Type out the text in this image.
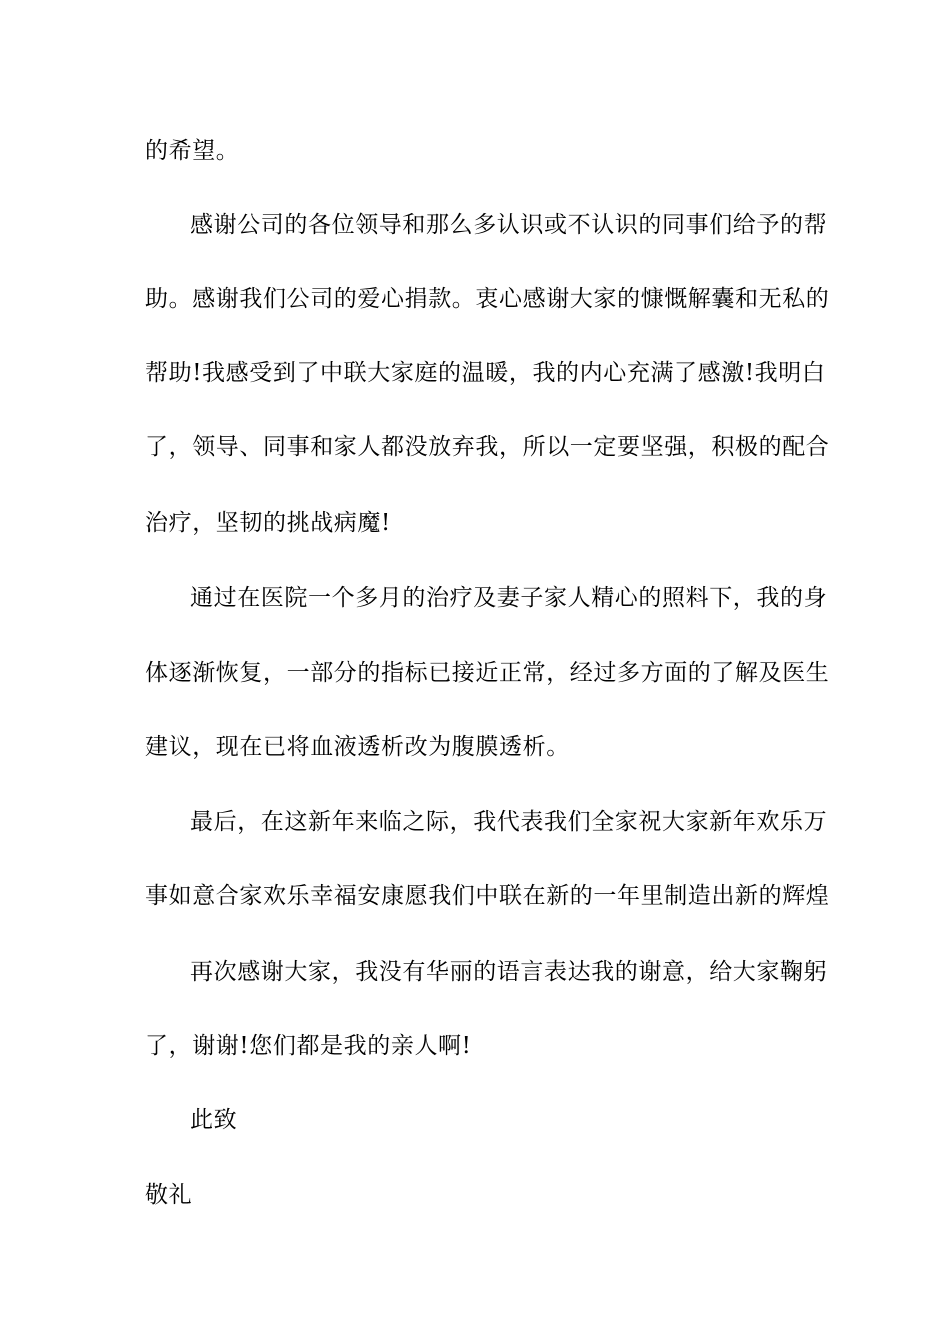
的希望。
感谢公司的各位领导和那么多认识或不认识的同事们给予的帮
助。感谢我们公司的爱心捐款。衷心感谢大家的慷慨解囊和无私的
帮助!我感受到了中联大家庭的温暖，我的内心充满了感激!我明白
了，领导、同事和家人都没放弃我，所以一定要坚强，积极的配合
治疗，坚韧的挑战病魔!
通过在医院一个多月的治疗及妻子家人精心的照料下，我的身
体逐渐恢复，一部分的指标已接近正常，经过多方面的了解及医生
建议，现在已将血液透析改为腹膜透析。
最后，在这新年来临之际，我代表我们全家祝大家新年欢乐万
事如意合家欢乐幸福安康愿我们中联在新的一年里制造出新的辉煌
再次感谢大家，我没有华丽的语言表达我的谢意，给大家鞠躬
了，谢谢!您们都是我的亲人啊!
此致
敬礼
